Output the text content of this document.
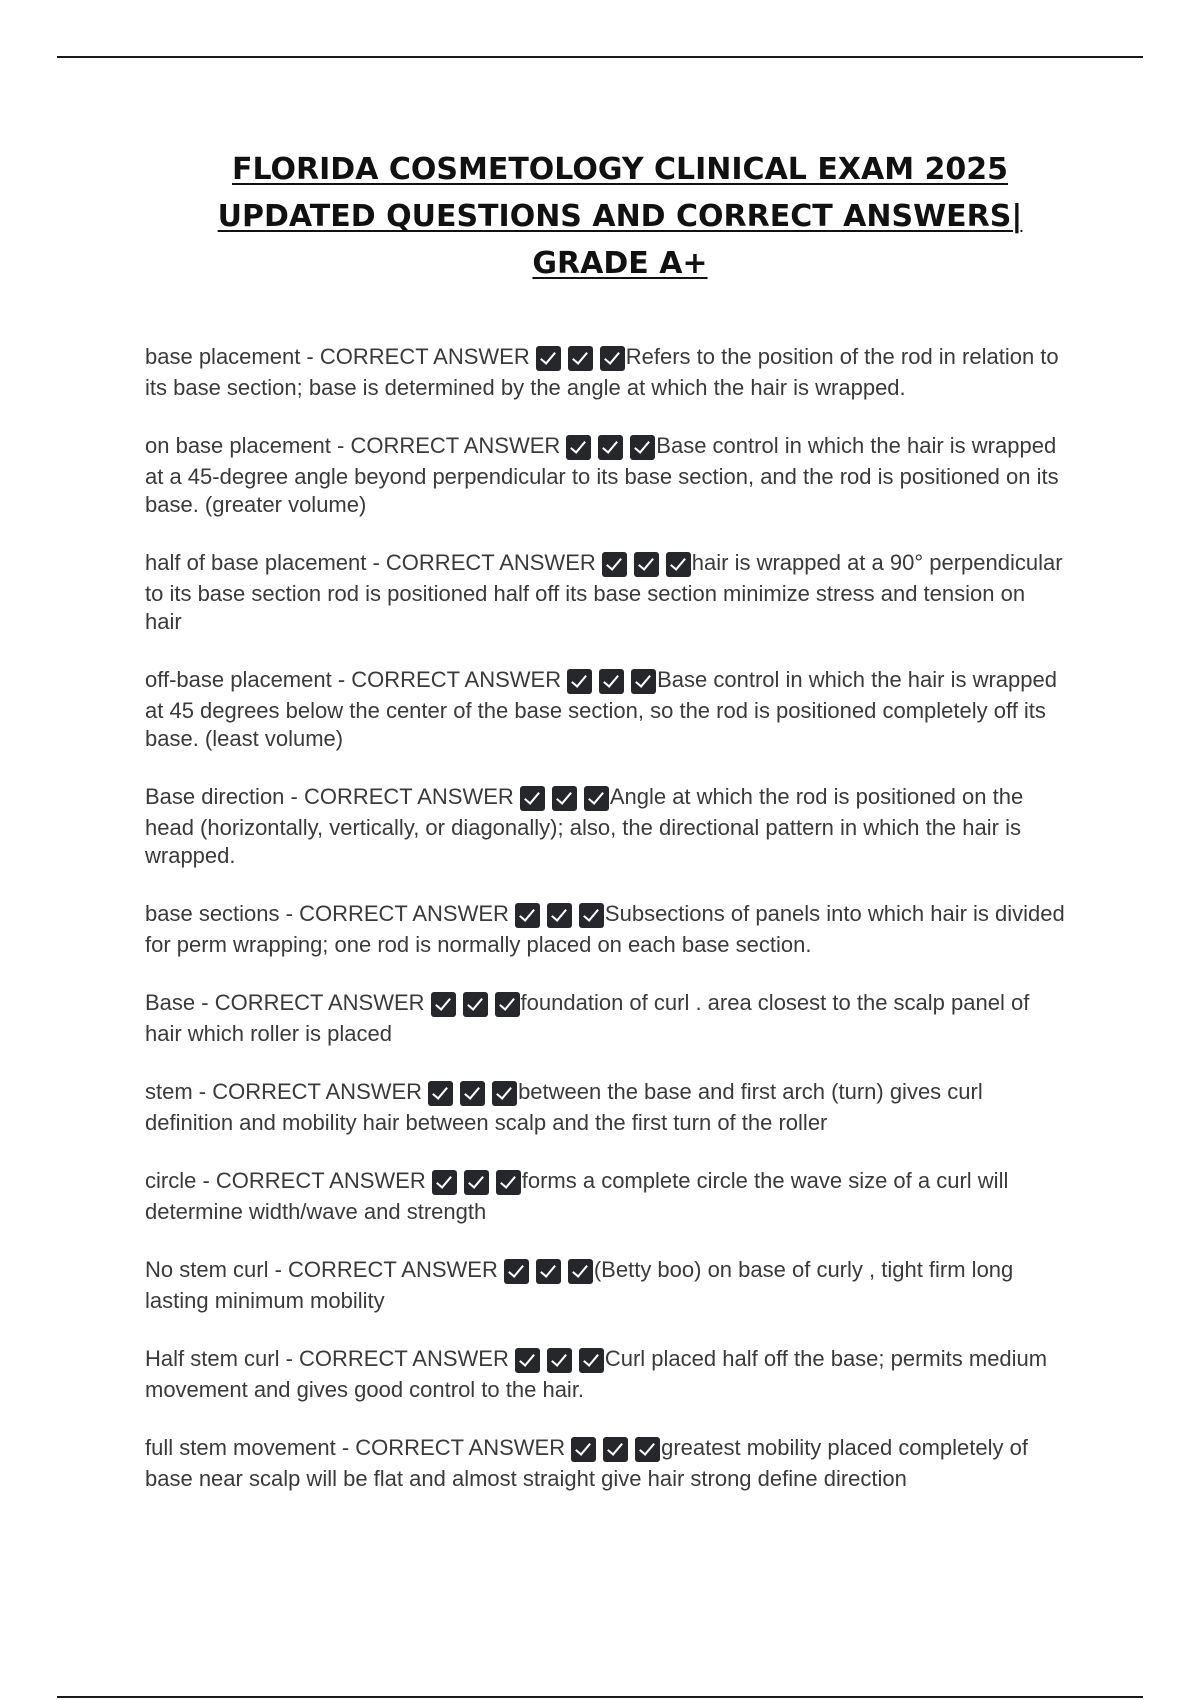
FLORIDA COSMETOLOGY CLINICAL EXAM 2025
UPDATED QUESTIONS AND CORRECT ANSWERS|
GRADE A+

base placement - CORRECT ANSWER	Refers to the position of the rod in relation to its base section; base is determined by the angle at which the hair is wrapped.

on base placement - CORRECT ANSWER	Base control in which the hair is wrapped at a 45-degree angle beyond perpendicular to its base section, and the rod is positioned on its base. (greater volume)

half of base placement - CORRECT ANSWER	hair is wrapped at a 90° perpendicular to its base section rod is positioned half off its base section minimize stress and tension on hair

off-base placement - CORRECT ANSWER	Base control in which the hair is wrapped at 45 degrees below the center of the base section, so the rod is positioned completely off its base. (least volume)

Base direction - CORRECT ANSWER	Angle at which the rod is positioned on the head (horizontally, vertically, or diagonally); also, the directional pattern in which the hair is wrapped.

base sections - CORRECT ANSWER	Subsections of panels into which hair is divided for perm wrapping; one rod is normally placed on each base section.

Base - CORRECT ANSWER	foundation of curl . area closest to the scalp panel of hair which roller is placed

stem - CORRECT ANSWER	between the base and first arch (turn) gives curl definition and mobility hair between scalp and the first turn of the roller

circle - CORRECT ANSWER	forms a complete circle the wave size of a curl will determine width/wave and strength

No stem curl - CORRECT ANSWER	(Betty boo) on base of curly , tight firm long lasting minimum mobility

Half stem curl - CORRECT ANSWER	Curl placed half off the base; permits medium movement and gives good control to the hair.

full stem movement - CORRECT ANSWER	greatest mobility placed completely of base near scalp will be flat and almost straight give hair strong define direction
